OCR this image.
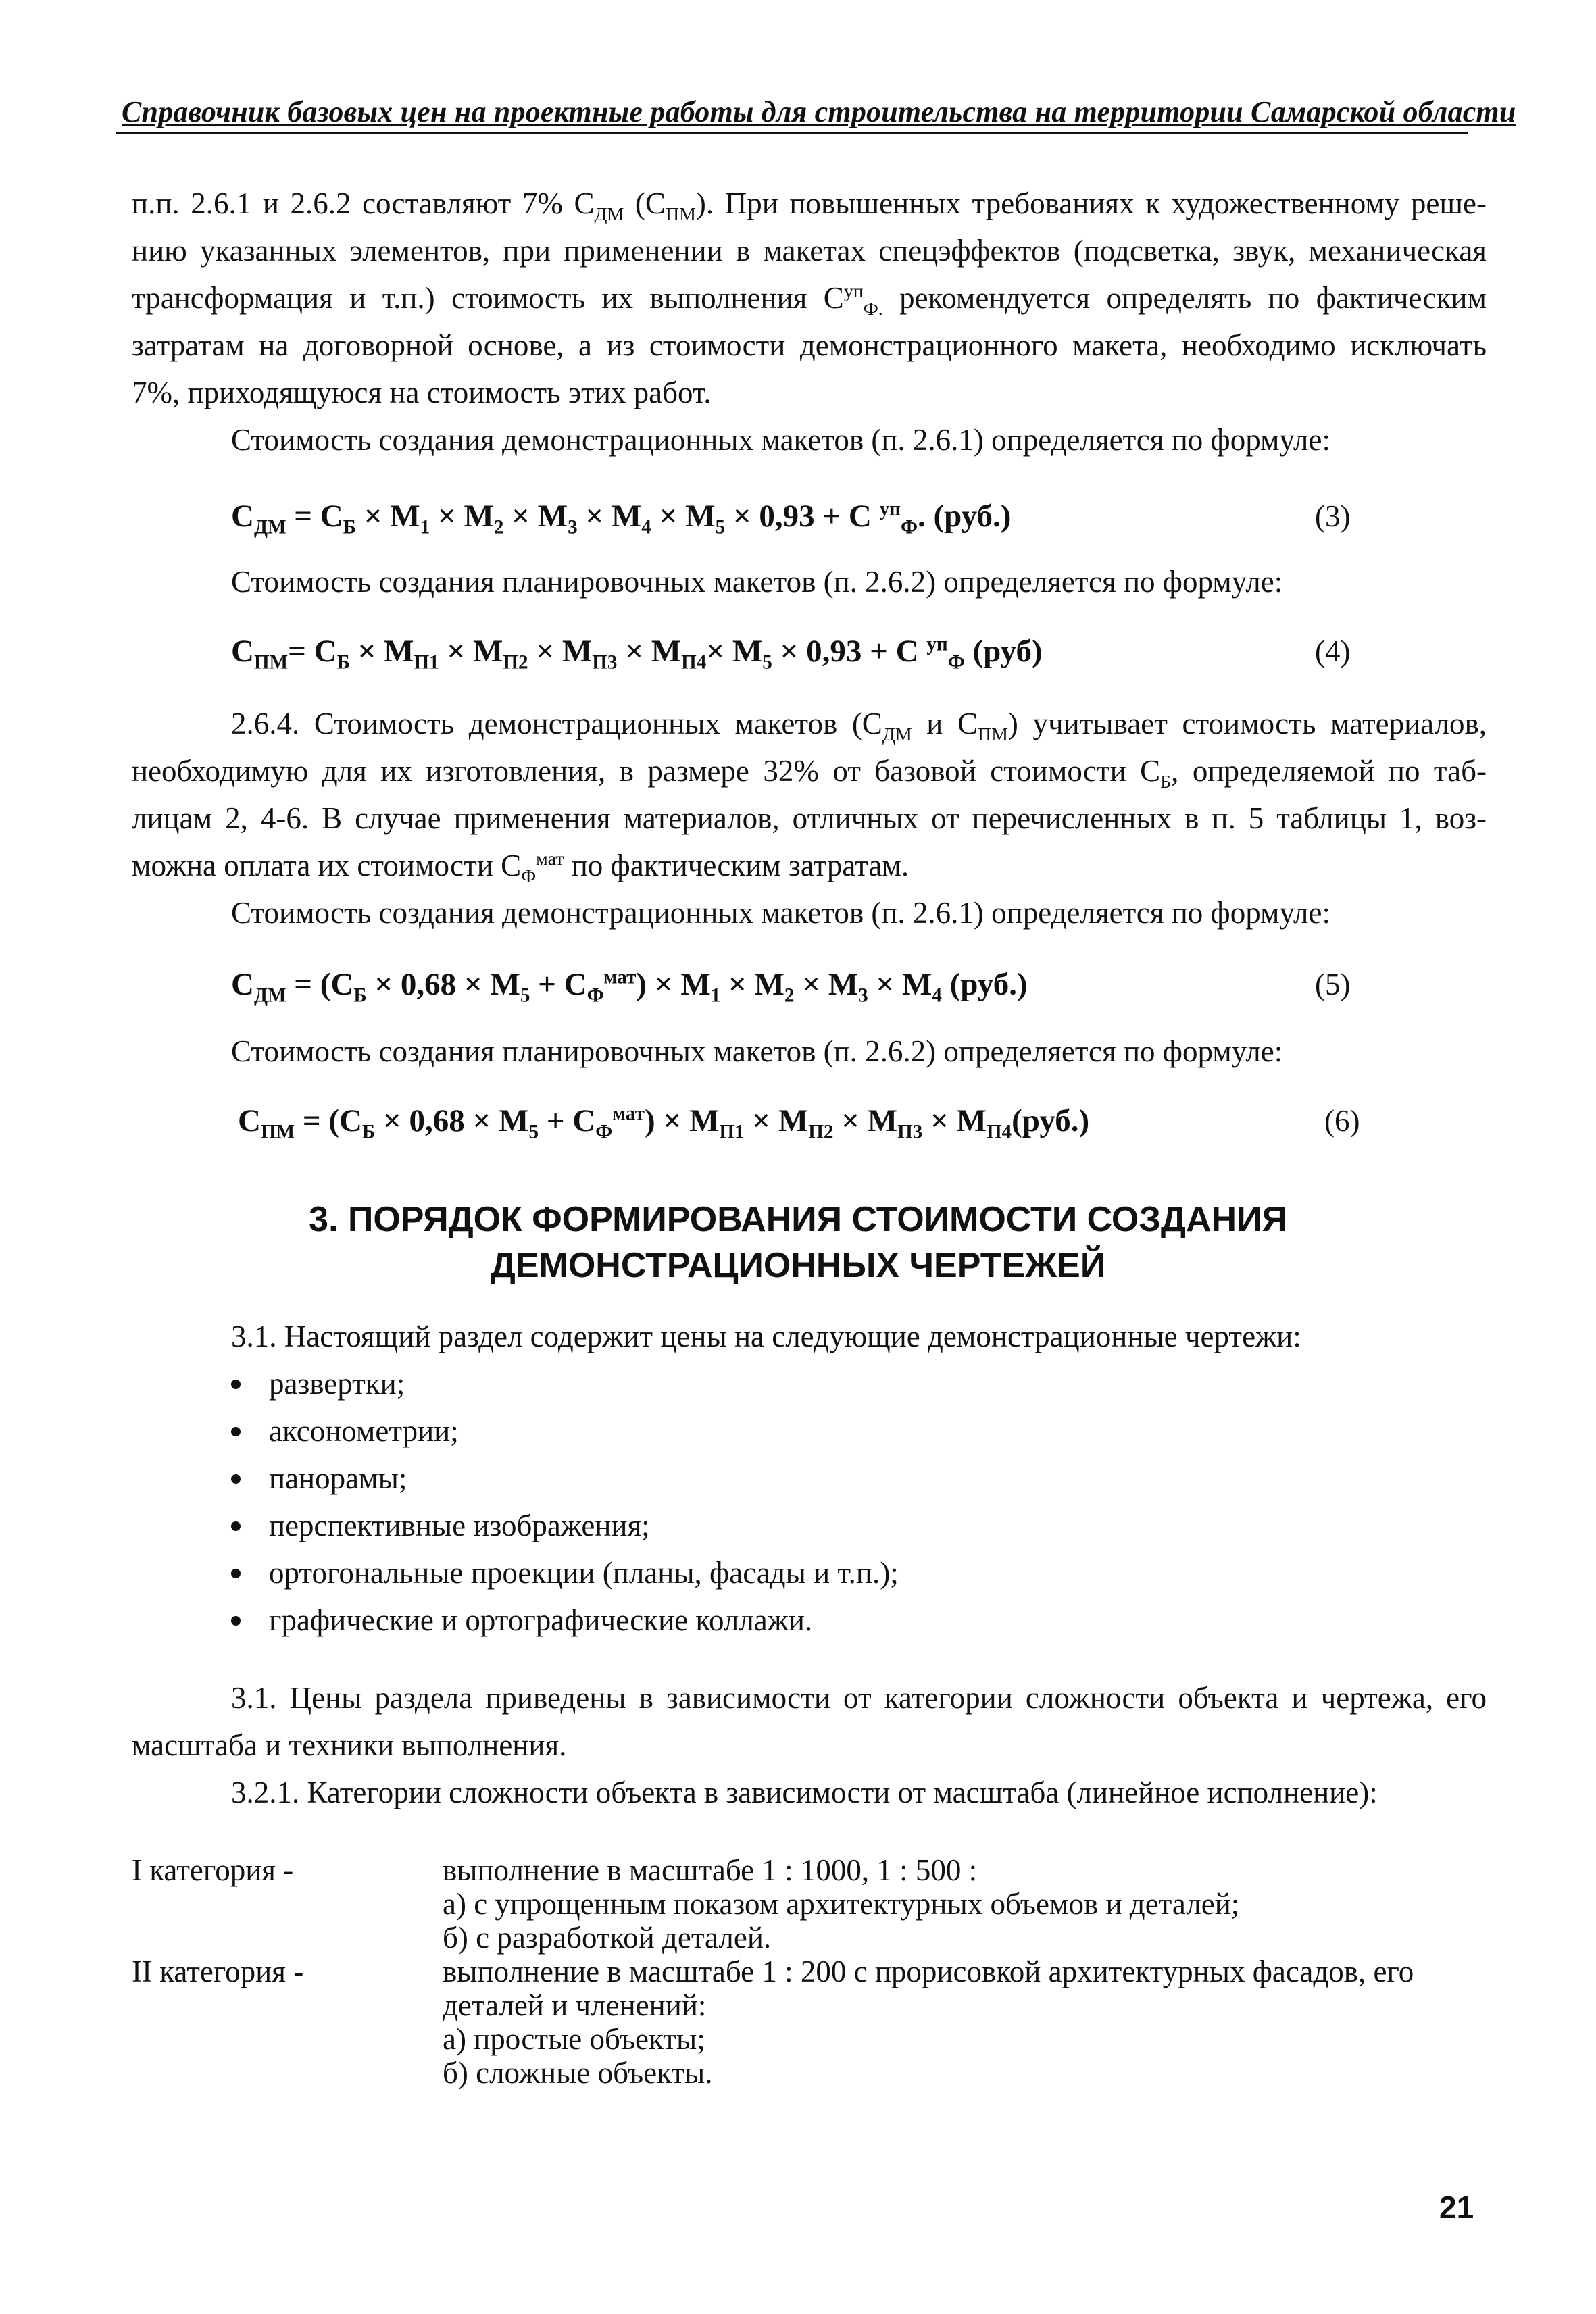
Справочник базовых цен на проектные работы для строительства на территории Самарской области
п.п. 2.6.1 и 2.6.2 составляют 7% $С_{ДМ}$ $(С_{ПМ})$. При повышенных требованиях к художественному реше-
нию указанных элементов, при применении в макетах спецэффектов (подсветка, звук, механическая
трансформация и т.п.) стоимость их выполнения $С^{уп}_{Ф.}$ рекомендуется определять по фактическим
затратам на договорной основе, а из стоимости демонстрационного макета, необходимо исключать
7%, приходящуюся на стоимость этих работ.
Стоимость создания демонстрационных макетов (п. 2.6.1) определяется по формуле:
$С_{ДМ} = С_Б \times М_1 \times М_2 \times М_3 \times М_4 \times М_5 \times 0,93 + С$ $^{уп}_Ф$. (руб.)	(3)
Стоимость создания планировочных макетов (п. 2.6.2) определяется по формуле:
$С_{ПМ}= С_Б \times М_{П1} \times М_{П2} \times М_{П3} \times М_{П4}\times М_5 \times 0,93 + С$ $^{уп}_Ф$ (руб)	(4)
2.6.4. Стоимость демонстрационных макетов ($С_{ДМ}$ и $С_{ПМ}$) учитывает стоимость материалов,
необходимую для их изготовления, в размере 32% от базовой стоимости $С_Б$, определяемой по таб-
лицам 2, 4-6. В случае применения материалов, отличных от перечисленных в п. 5 таблицы 1, воз-
можна оплата их стоимости $С_Ф^{мат}$ по фактическим затратам.
Стоимость создания демонстрационных макетов (п. 2.6.1) определяется по формуле:
$С_{ДМ} = (С_Б \times 0,68 \times М_5 + С_Ф^{мат}) \times М_1 \times М_2 \times М_3 \times М_4$ (руб.)	(5)
Стоимость создания планировочных макетов (п. 2.6.2) определяется по формуле:
$С_{ПМ} = (С_Б \times 0,68 \times М_5 + С_Ф^{мат}) \times М_{П1} \times М_{П2} \times М_{П3} \times М_{П4}(руб.)$	(6)
3. ПОРЯДОК ФОРМИРОВАНИЯ СТОИМОСТИ СОЗДАНИЯ
ДЕМОНСТРАЦИОННЫХ ЧЕРТЕЖЕЙ
3.1. Настоящий раздел содержит цены на следующие демонстрационные чертежи:
развертки;
аксонометрии;
панорамы;
перспективные изображения;
ортогональные проекции (планы, фасады и т.п.);
графические и ортографические коллажи.
3.1. Цены раздела приведены в зависимости от категории сложности объекта и чертежа, его
масштаба и техники выполнения.
3.2.1. Категории сложности объекта в зависимости от масштаба (линейное исполнение):
I категория -	выполнение в масштабе 1 : 1000, 1 : 500 :
а) с упрощенным показом архитектурных объемов и деталей;
б) с разработкой деталей.
II категория -	выполнение в масштабе 1 : 200 с прорисовкой архитектурных фасадов, его
деталей и членений:
а) простые объекты;
б) сложные объекты.
21
